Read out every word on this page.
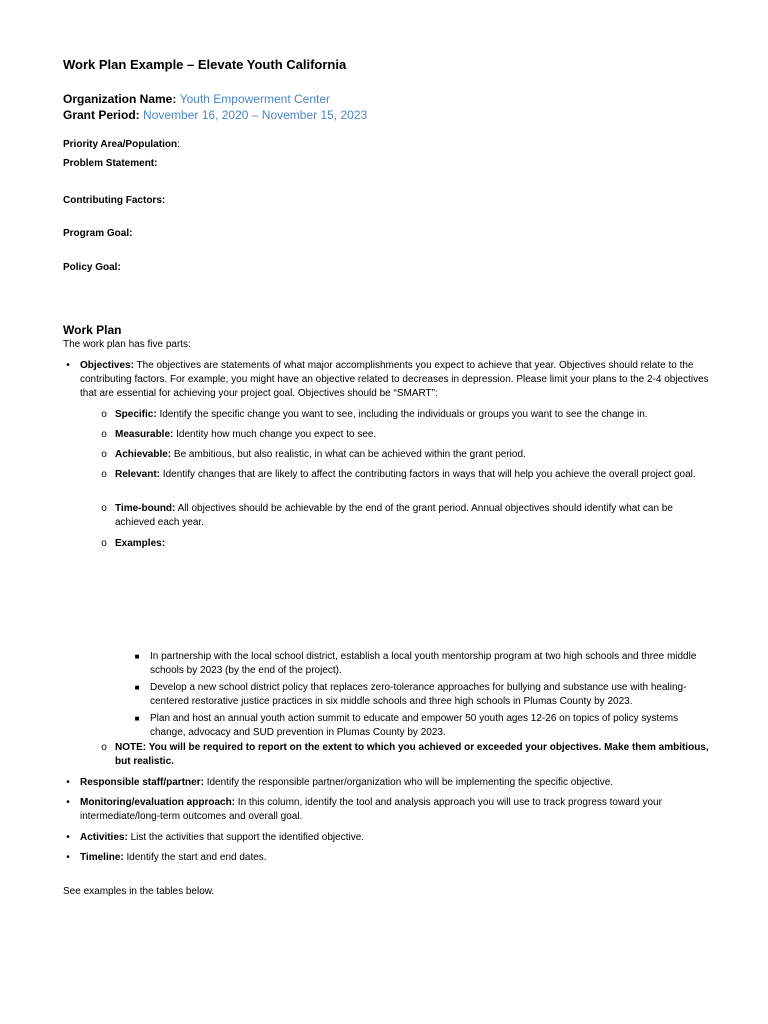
Work Plan Example – Elevate Youth California
Organization Name: Youth Empowerment Center
Grant Period: November 16, 2020 – November 15, 2023
Priority Area/Population:
Problem Statement:
Contributing Factors:
Program Goal:
Policy Goal:
Work Plan
The work plan has five parts:
•	Objectives: The objectives are statements of what major accomplishments you expect to achieve that year. Objectives should relate to the contributing factors. For example, you might have an objective related to decreases in depression. Please limit your plans to the 2-4 objectives that are essential for achieving your project goal. Objectives should be “SMART”:
o Specific: Identify the specific change you want to see, including the individuals or groups you want to see the change in.
o Measurable: Identity how much change you expect to see.
o Achievable: Be ambitious, but also realistic, in what can be achieved within the grant period.
o Relevant: Identify changes that are likely to affect the contributing factors in ways that will help you achieve the overall project goal.
o Time-bound: All objectives should be achievable by the end of the grant period. Annual objectives should identify what can be achieved each year.
o Examples:
■	In partnership with the local school district, establish a local youth mentorship program at two high schools and three middle schools by 2023 (by the end of the project).
■	Develop a new school district policy that replaces zero-tolerance approaches for bullying and substance use with healing-centered restorative justice practices in six middle schools and three high schools in Plumas County by 2023.
■	Plan and host an annual youth action summit to educate and empower 50 youth ages 12-26 on topics of policy systems change, advocacy and SUD prevention in Plumas County by 2023.
o NOTE: You will be required to report on the extent to which you achieved or exceeded your objectives. Make them ambitious, but realistic.
•	Responsible staff/partner: Identify the responsible partner/organization who will be implementing the specific objective.
•	Monitoring/evaluation approach: In this column, identify the tool and analysis approach you will use to track progress toward your intermediate/long-term outcomes and overall goal.
•	Activities: List the activities that support the identified objective.
•	Timeline: Identify the start and end dates.
See examples in the tables below.
